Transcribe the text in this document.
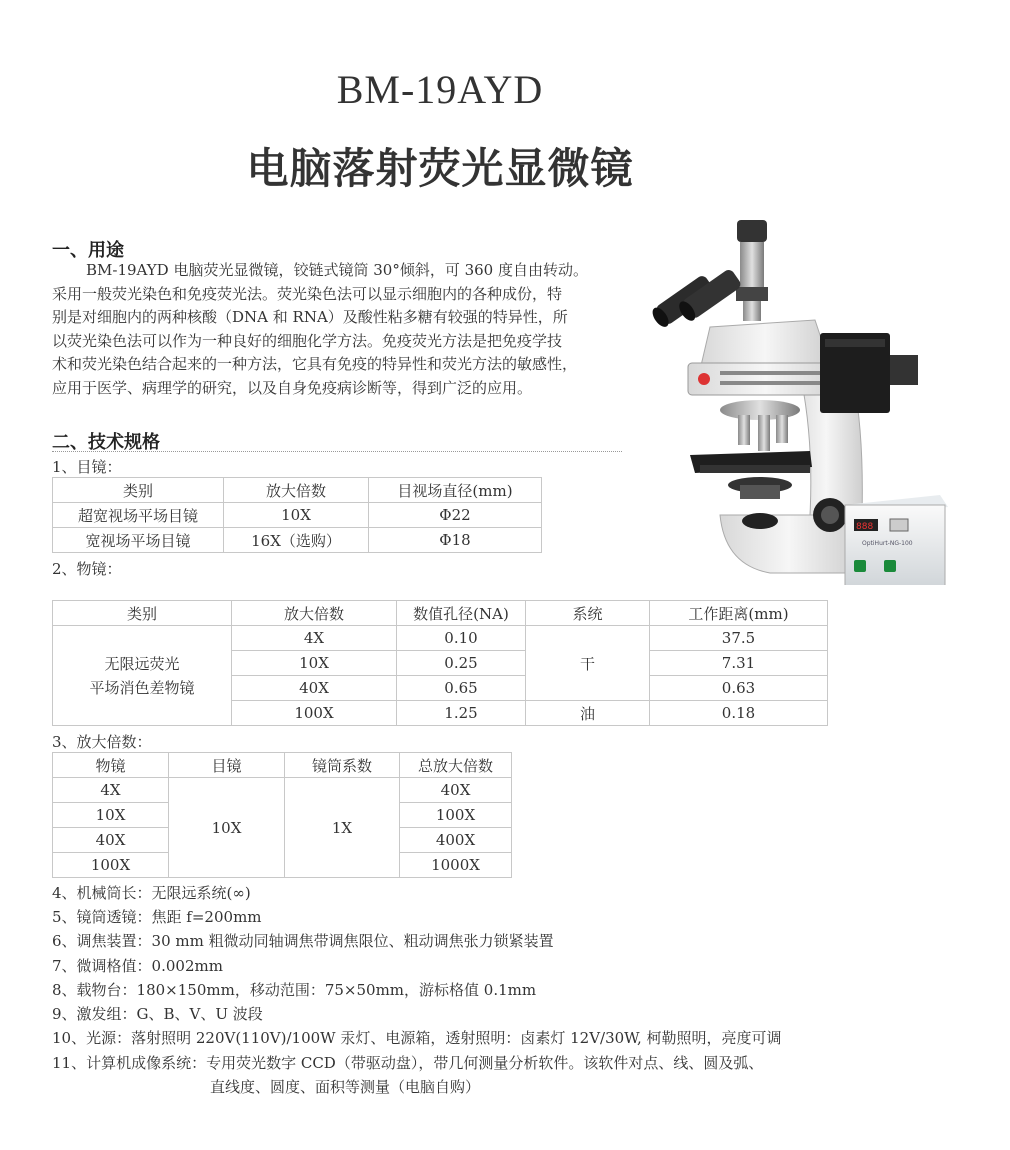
BM-19AYD
电脑落射荧光显微镜
一、用途
BM-19AYD 电脑荧光显微镜，铰链式镜筒 30°倾斜，可 360 度自由转动。
采用一般荧光染色和免疫荧光法。荧光染色法可以显示细胞内的各种成份，特
别是对细胞内的两种核酸（DNA 和 RNA）及酸性粘多糖有较强的特异性，所
以荧光染色法可以作为一种良好的细胞化学方法。免疫荧光方法是把免疫学技
术和荧光染色结合起来的一种方法，它具有免疫的特异性和荧光方法的敏感性，
应用于医学、病理学的研究，以及自身免疫病诊断等，得到广泛的应用。
二、技术规格
1、目镜：
类别	放大倍数	目视场直径(mm)
超宽视场平场目镜	10X	Φ22
宽视场平场目镜	16X（选购）	Φ18
2、物镜：
类别	放大倍数	数值孔径(NA)	系统	工作距离(mm)

无限远荧光
平场消色差物镜	4X	0.10	干	37.5
	10X	0.25		7.31
	40X	0.65		0.63
	100X	1.25	油	0.18
3、放大倍数：
物镜	目镜	镜筒系数	总放大倍数
4X	10X	1X	40X
10X			100X
40X			400X
100X			1000X
4、机械筒长：无限远系统(∞)
5、镜筒透镜：焦距 f=200mm
6、调焦装置：30 mm 粗微动同轴调焦带调焦限位、粗动调焦张力锁紧装置
7、微调格值：0.002mm
8、载物台：180×150mm，移动范围：75×50mm，游标格值 0.1mm
9、激发组：G、B、V、U 波段
10、光源：落射照明 220V(110V)/100W 汞灯、电源箱，透射照明：卤素灯 12V/30W, 柯勒照明，亮度可调
11、计算机成像系统：专用荧光数字 CCD（带驱动盘），带几何测量分析软件。该软件对点、线、圆及弧、
直线度、圆度、面积等测量（电脑自购）
888
OptiHurt-NG-100
